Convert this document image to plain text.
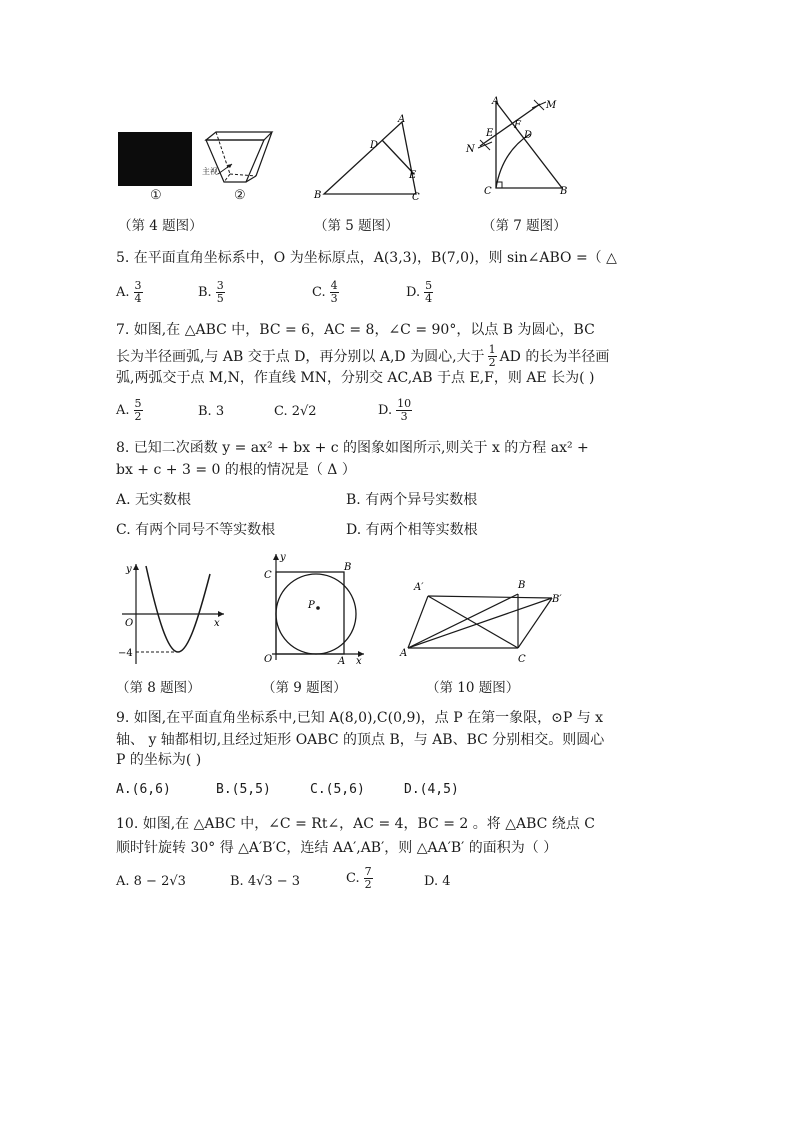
主视
①	②
A
B	C
D
E
A
B
C
D
E
F
M
N
（第 4 题图）	（第 5 题图）	（第 7 题图）
5. 在平面直角坐标系中，O 为坐标原点，A(3,3)，B(7,0)，则 sin∠ABO =（ △
A. $\frac{3}{4}$	B. $\frac{3}{5}$	C. $\frac{4}{3}$	D. $\frac{5}{4}$
7. 如图,在 △ABC 中，BC = 6，AC = 8，∠C = 90°，以点 B 为圆心，BC
长为半径画弧,与 AB 交于点 D，再分别以 A,D 为圆心,大于 $\frac{1}{2}$ AD 的长为半径画
弧,两弧交于点 M,N，作直线 MN，分别交 AC,AB 于点 E,F，则 AE 长为( )
A. $\frac{5}{2}$	B. 3	C. 2√2	D. $\frac{10}{3}$
8. 已知二次函数 y = ax² + bx + c 的图象如图所示,则关于 x 的方程 ax² +
bx + c + 3 = 0 的根的情况是（ Δ ）
A. 无实数根	B. 有两个异号实数根
C. 有两个同号不等实数根	D. 有两个相等实数根
y
x
O
−4
y
x
O	A
B
C
P
A′	B
B′
A
C
（第 8 题图）	（第 9 题图）	（第 10 题图）
9. 如图,在平面直角坐标系中,已知 A(8,0),C(0,9)，点 P 在第一象限，⊙P 与 x
轴、 y 轴都相切,且经过矩形 OABC 的顶点 B，与 AB、BC 分别相交。则圆心
P 的坐标为( )
A.(6,6)	B.(5,5)	C.(5,6)	D.(4,5)
10. 如图,在 △ABC 中，∠C = Rt∠，AC = 4，BC = 2 。将 △ABC 绕点 C
顺时针旋转 30° 得 △A′B′C，连结 AA′,AB′，则 △AA′B′ 的面积为（ ）
A. 8 − 2√3	B. 4√3 − 3	C. $\frac{7}{2}$	D. 4
